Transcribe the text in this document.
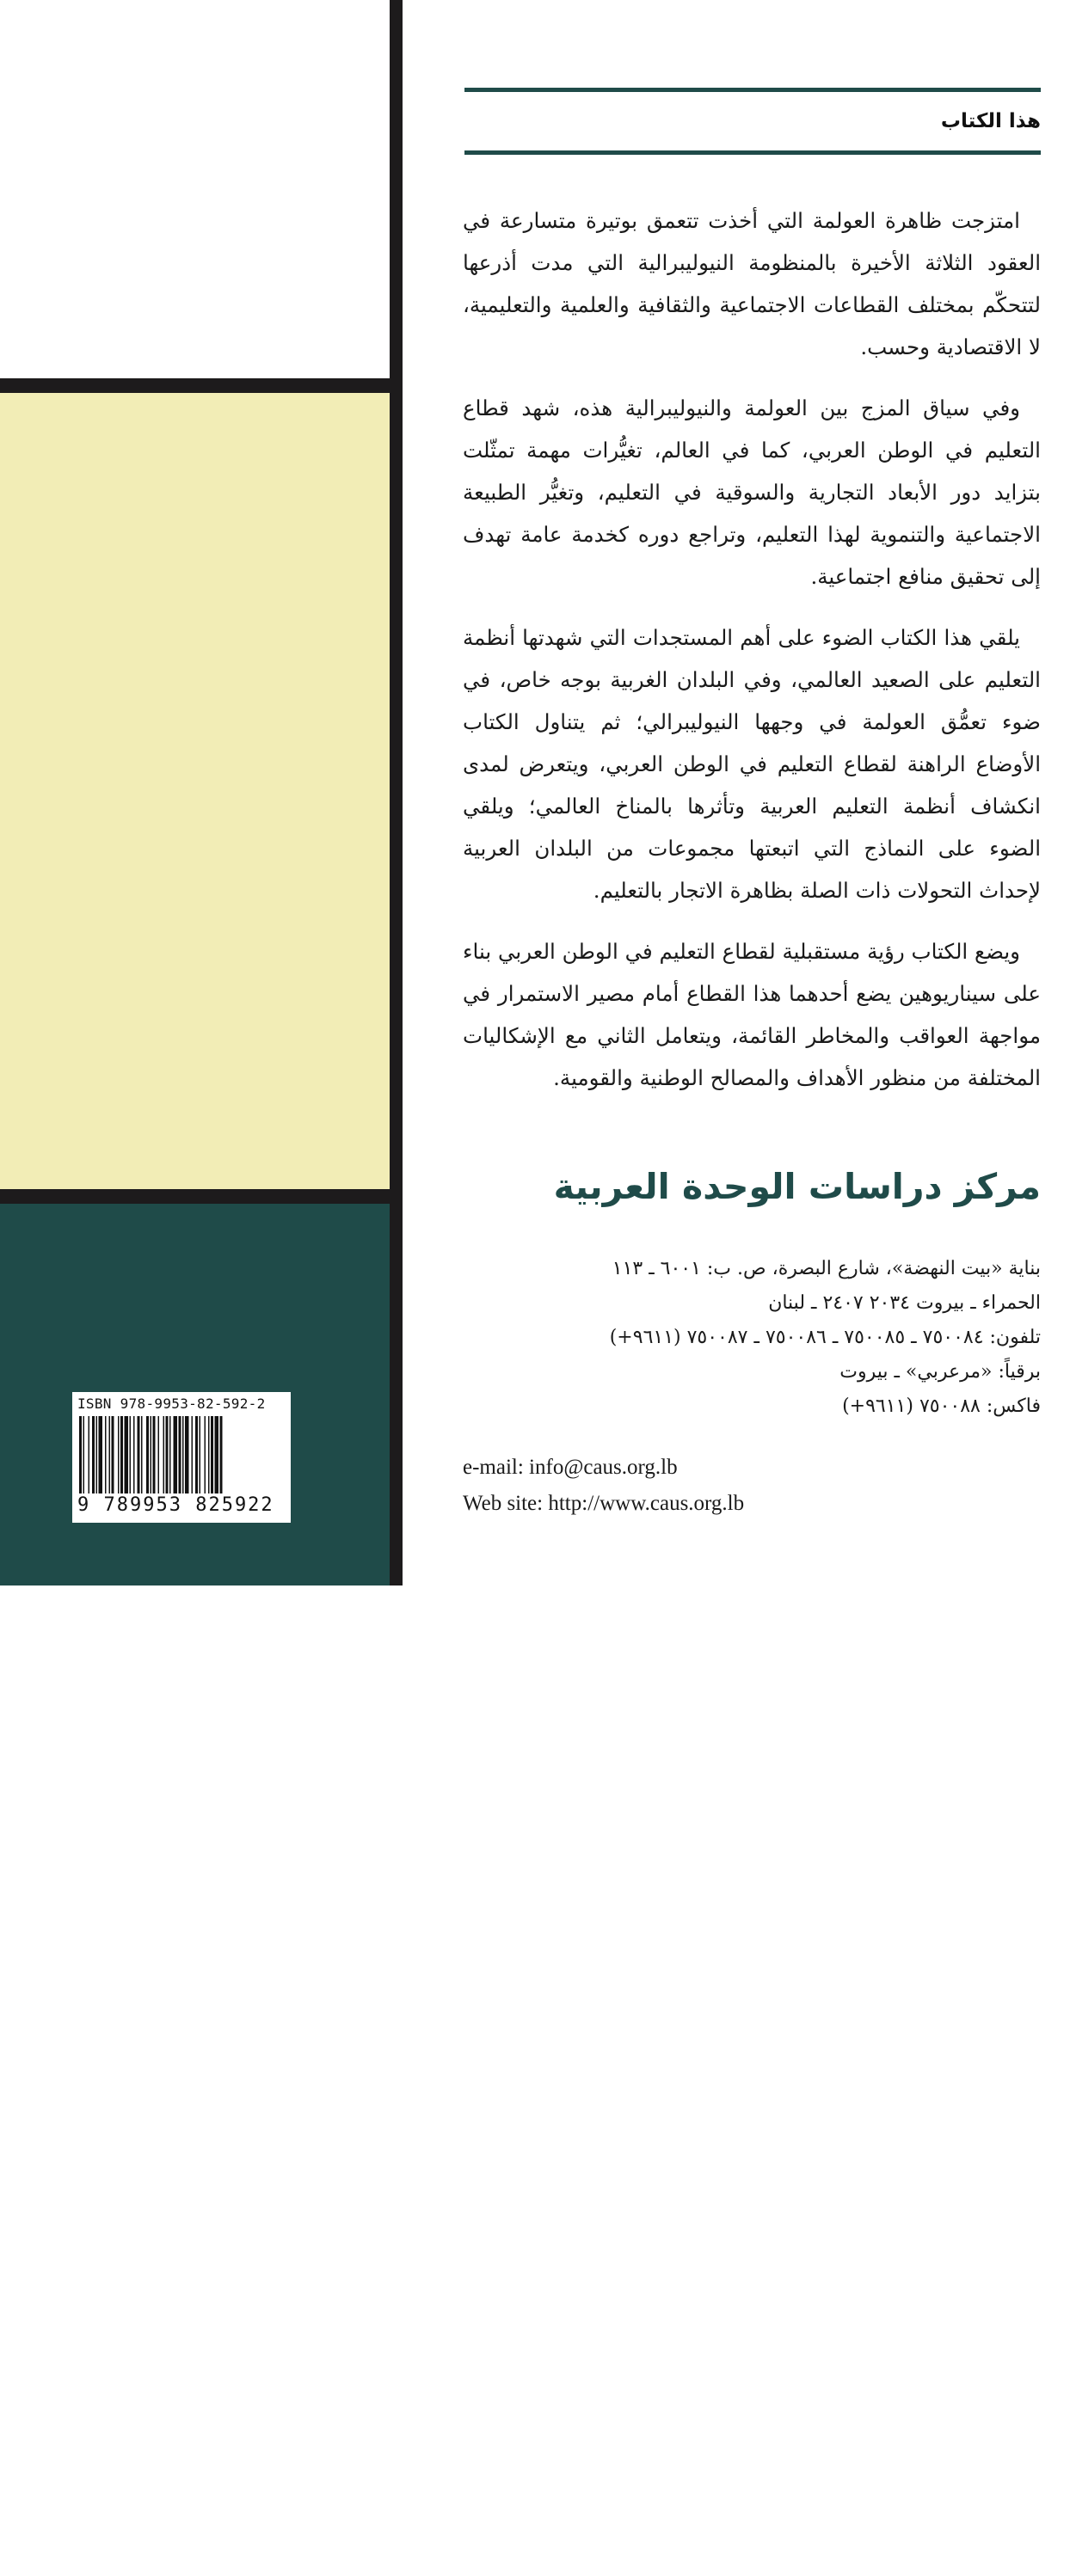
الثمن:١٥ دولاراً
أو ما يعادلها
ISBN 978-9953-82-592-2
9 789953 825922
هذا الكتاب

امتزجت ظاهرة العولمة التي أخذت تتعمق بوتيرة متسارعة في العقود الثلاثة الأخيرة بالمنظومة النيوليبرالية التي مدت أذرعها لتتحكّم بمختلف القطاعات الاجتماعية والثقافية والعلمية والتعليمية، لا الاقتصادية وحسب.

وفي سياق المزج بين العولمة والنيوليبرالية هذه، شهد قطاع التعليم في الوطن العربي، كما في العالم، تغيُّرات مهمة تمثّلت بتزايد دور الأبعاد التجارية والسوقية في التعليم، وتغيُّر الطبيعة الاجتماعية والتنموية لهذا التعليم، وتراجع دوره كخدمة عامة تهدف إلى تحقيق منافع اجتماعية.

يلقي هذا الكتاب الضوء على أهم المستجدات التي شهدتها أنظمة التعليم على الصعيد العالمي، وفي البلدان الغربية بوجه خاص، في ضوء تعمُّق العولمة في وجهها النيوليبرالي؛ ثم يتناول الكتاب الأوضاع الراهنة لقطاع التعليم في الوطن العربي، ويتعرض لمدى انكشاف أنظمة التعليم العربية وتأثرها بالمناخ العالمي؛ ويلقي الضوء على النماذج التي اتبعتها مجموعات من البلدان العربية لإحداث التحولات ذات الصلة بظاهرة الاتجار بالتعليم.

ويضع الكتاب رؤية مستقبلية لقطاع التعليم في الوطن العربي بناء على سيناريوهين يضع أحدهما هذا القطاع أمام مصير الاستمرار في مواجهة العواقب والمخاطر القائمة، ويتعامل الثاني مع الإشكاليات المختلفة من منظور الأهداف والمصالح الوطنية والقومية.

مركز دراسات الوحدة العربية
بناية «بيت النهضة»، شارع البصرة، ص. ب: ٦٠٠١ ـ ١١٣
الحمراء ـ بيروت ٢٠٣٤ ٢٤٠٧ ـ لبنان
تلفون: ٧٥٠٠٨٤ ـ ٧٥٠٠٨٥ ـ ٧٥٠٠٨٦ ـ ٧٥٠٠٨٧ (٩٦١١+)
برقياً: «مرعربي» ـ بيروت
فاكس: ٧٥٠٠٨٨ (٩٦١١+)
e-mail: info@caus.org.lb
Web site: http://www.caus.org.lb
